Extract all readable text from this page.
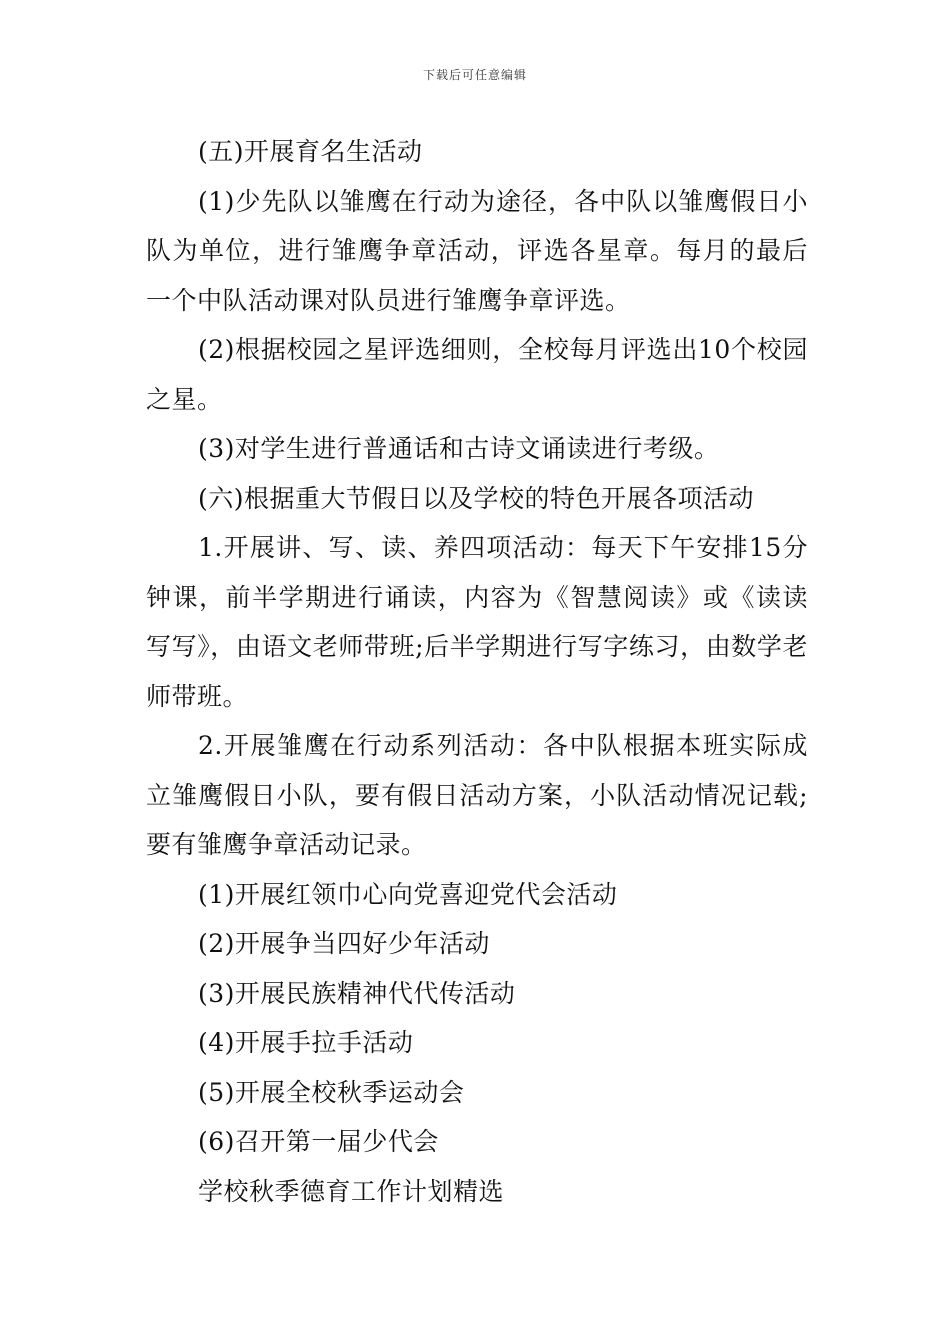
下载后可任意编辑

(五)开展育名生活动

(1)少先队以雏鹰在行动为途径，各中队以雏鹰假日小队为单位，进行雏鹰争章活动，评选各星章。每月的最后一个中队活动课对队员进行雏鹰争章评选。

(2)根据校园之星评选细则，全校每月评选出10个校园之星。

(3)对学生进行普通话和古诗文诵读进行考级。

(六)根据重大节假日以及学校的特色开展各项活动

1.开展讲、写、读、养四项活动：每天下午安排15分钟课，前半学期进行诵读，内容为《智慧阅读》或《读读写写》，由语文老师带班;后半学期进行写字练习，由数学老师带班。

2.开展雏鹰在行动系列活动：各中队根据本班实际成立雏鹰假日小队，要有假日活动方案，小队活动情况记载;要有雏鹰争章活动记录。

(1)开展红领巾心向党喜迎党代会活动

(2)开展争当四好少年活动

(3)开展民族精神代代传活动

(4)开展手拉手活动

(5)开展全校秋季运动会

(6)召开第一届少代会

学校秋季德育工作计划精选
